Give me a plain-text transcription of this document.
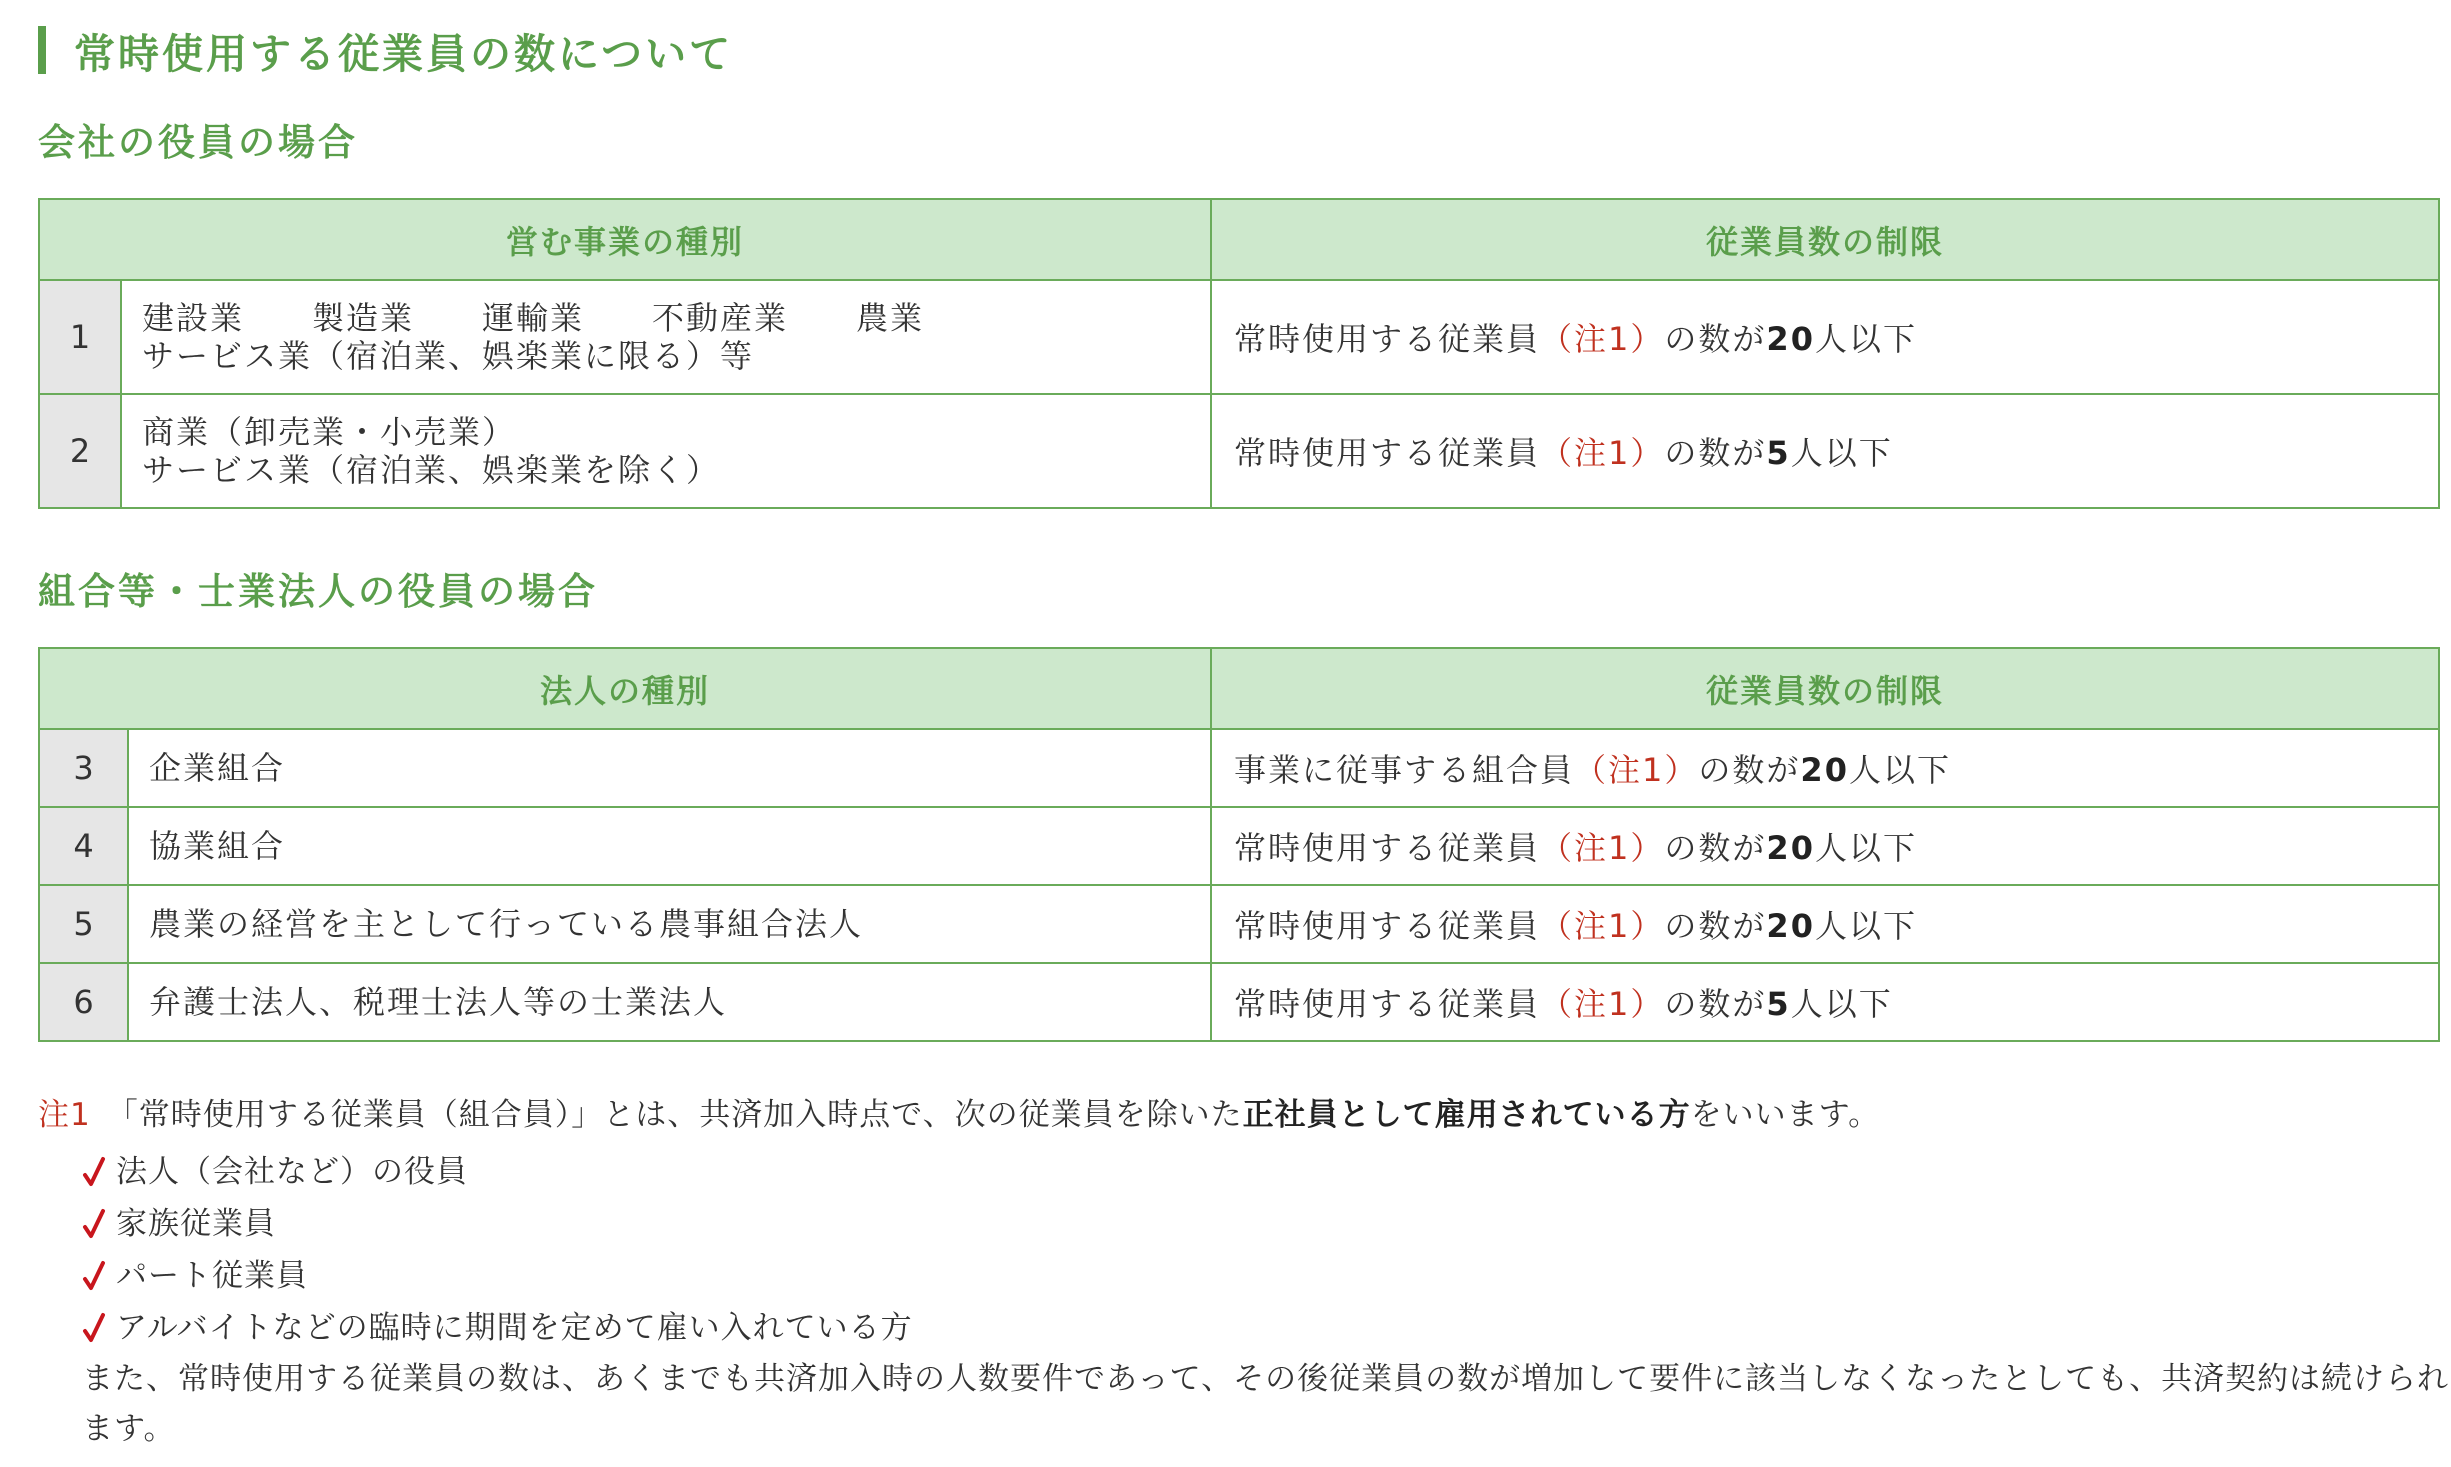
常時使用する従業員の数について
会社の役員の場合
営む事業の種別		従業員数の制限
1	建設業　　製造業　　運輸業　　不動産業　　農業
サービス業（宿泊業、娯楽業に限る）等	常時使用する従業員（注1）の数が20人以下
2	商業（卸売業・小売業）
サービス業（宿泊業、娯楽業を除く）	常時使用する従業員（注1）の数が5人以下
組合等・士業法人の役員の場合
法人の種別		従業員数の制限
3	企業組合	事業に従事する組合員（注1）の数が20人以下
4	協業組合	常時使用する従業員（注1）の数が20人以下
5	農業の経営を主として行っている農事組合法人	常時使用する従業員（注1）の数が20人以下
6	弁護士法人、税理士法人等の士業法人	常時使用する従業員（注1）の数が5人以下
注1 「常時使用する従業員（組合員）」とは、共済加入時点で、次の従業員を除いた正社員として雇用されている方をいいます。
法人（会社など）の役員
家族従業員
パート従業員
アルバイトなどの臨時に期間を定めて雇い入れている方

また、常時使用する従業員の数は、あくまでも共済加入時の人数要件であって、その後従業員の数が増加して要件に該当しなくなったとしても、共済契約は続けられます。
